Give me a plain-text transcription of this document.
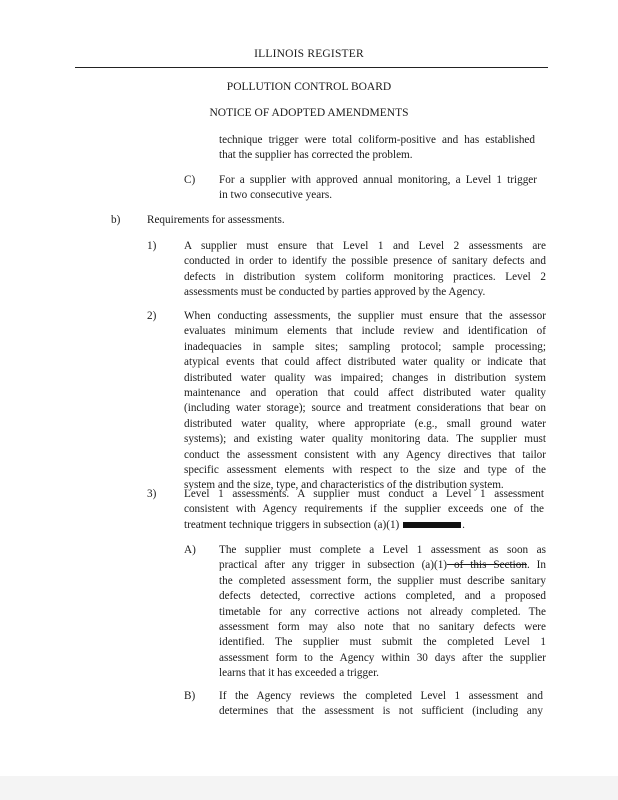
ILLINOIS REGISTER
POLLUTION CONTROL BOARD
NOTICE OF ADOPTED AMENDMENTS
technique trigger were total coliform-positive and has established
that the supplier has corrected the problem.
C) For a supplier with approved annual monitoring, a Level 1 trigger
in two consecutive years.
b) Requirements for assessments.
1) A supplier must ensure that Level 1 and Level 2 assessments are
conducted in order to identify the possible presence of sanitary defects and
defects in distribution system coliform monitoring practices. Level 2
assessments must be conducted by parties approved by the Agency.
2) When conducting assessments, the supplier must ensure that the assessor
evaluates minimum elements that include review and identification of
inadequacies in sample sites; sampling protocol; sample processing;
atypical events that could affect distributed water quality or indicate that
distributed water quality was impaired; changes in distribution system
maintenance and operation that could affect distributed water quality
(including water storage); source and treatment considerations that bear on
distributed water quality, where appropriate (e.g., small ground water
systems); and existing water quality monitoring data. The supplier must
conduct the assessment consistent with any Agency directives that tailor
specific assessment elements with respect to the size and type of the
system and the size, type, and characteristics of the distribution system.
3) Level 1 assessments. A supplier must conduct a Level 1 assessment
consistent with Agency requirements if the supplier exceeds one of the
treatment technique triggers in subsection (a)(1)	.
A) The supplier must complete a Level 1 assessment as soon as
practical after any trigger in subsection (a)(1) of this Section. In
the completed assessment form, the supplier must describe sanitary
defects detected, corrective actions completed, and a proposed
timetable for any corrective actions not already completed. The
assessment form may also note that no sanitary defects were
identified. The supplier must submit the completed Level 1
assessment form to the Agency within 30 days after the supplier
learns that it has exceeded a trigger.
B) If the Agency reviews the completed Level 1 assessment and
determines that the assessment is not sufficient (including any
